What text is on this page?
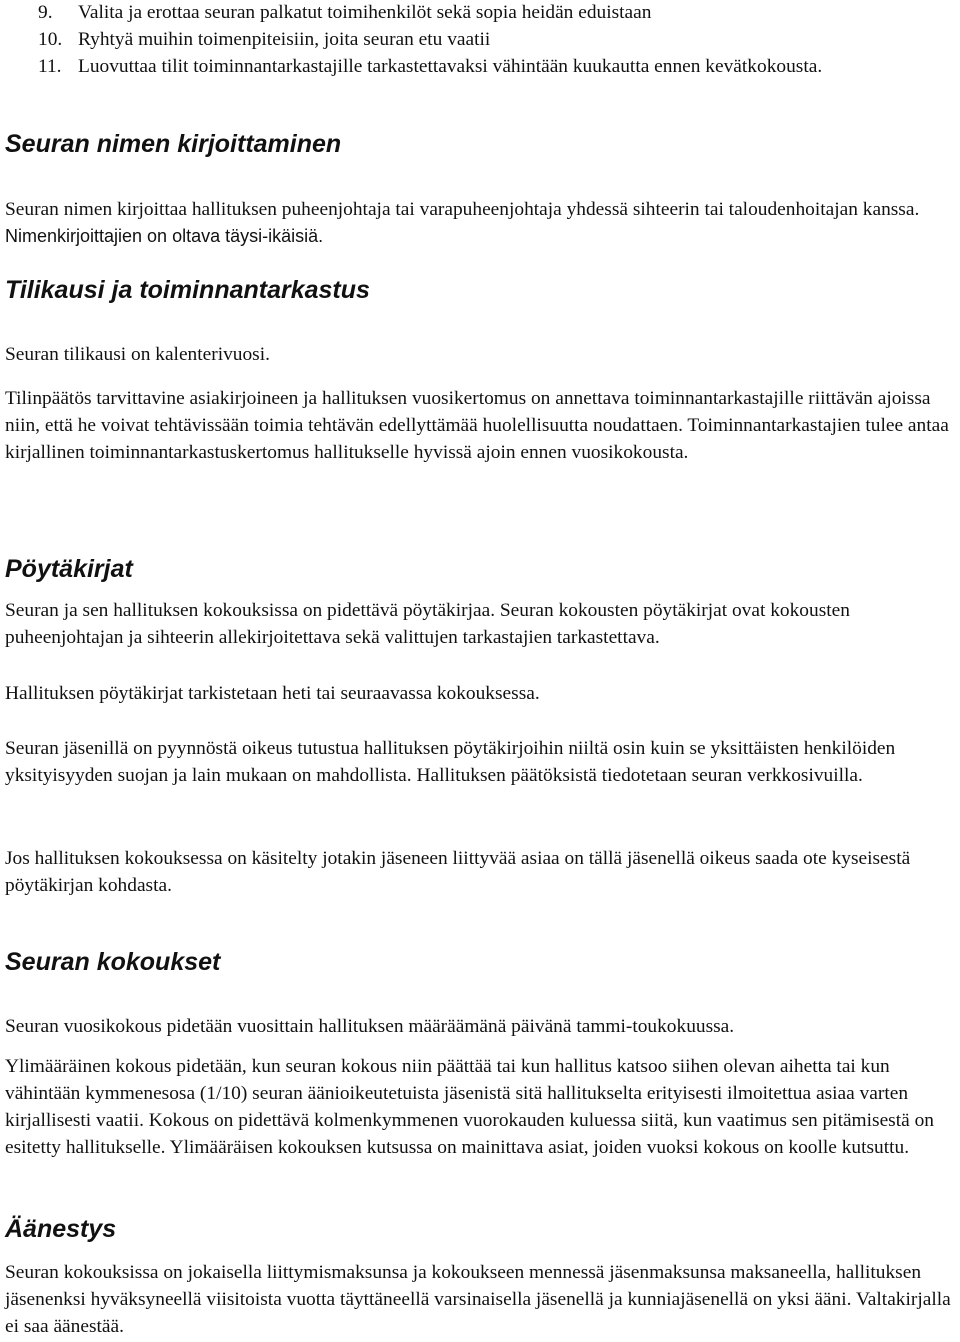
9.	Valita ja erottaa seuran palkatut toimihenkilöt sekä sopia heidän eduistaan
10. Ryhtyä muihin toimenpiteisiin, joita seuran etu vaatii
11. Luovuttaa tilit toiminnantarkastajille tarkastettavaksi vähintään kuukautta ennen kevätkokousta.
Seuran nimen kirjoittaminen

Seuran nimen kirjoittaa hallituksen puheenjohtaja tai varapuheenjohtaja yhdessä sihteerin tai taloudenhoitajan kanssa. Nimenkirjoittajien on oltava täysi-ikäisiä.

Tilikausi ja toiminnantarkastus

Seuran tilikausi on kalenterivuosi.

Tilinpäätös tarvittavine asiakirjoineen ja hallituksen vuosikertomus on annettava toiminnantarkastajille riittävän ajoissa niin, että he voivat tehtävissään toimia tehtävän edellyttämää huolellisuutta noudattaen. Toiminnantarkastajien tulee antaa kirjallinen toiminnantarkastuskertomus hallitukselle hyvissä ajoin ennen vuosikokousta.

Pöytäkirjat

Seuran ja sen hallituksen kokouksissa on pidettävä pöytäkirjaa. Seuran kokousten pöytäkirjat ovat kokousten puheenjohtajan ja sihteerin allekirjoitettava sekä valittujen tarkastajien tarkastettava.

Hallituksen pöytäkirjat tarkistetaan heti tai seuraavassa kokouksessa.

Seuran jäsenillä on pyynnöstä oikeus tutustua hallituksen pöytäkirjoihin niiltä osin kuin se yksittäisten henkilöiden yksityisyyden suojan ja lain mukaan on mahdollista. Hallituksen päätöksistä tiedotetaan seuran verkkosivuilla.

Jos hallituksen kokouksessa on käsitelty jotakin jäseneen liittyvää asiaa on tällä jäsenellä oikeus saada ote kyseisestä pöytäkirjan kohdasta.

Seuran kokoukset

Seuran vuosikokous pidetään vuosittain hallituksen määräämänä päivänä tammi-toukokuussa.

Ylimääräinen kokous pidetään, kun seuran kokous niin päättää tai kun hallitus katsoo siihen olevan aihetta tai kun vähintään kymmenesosa (1/10) seuran äänioikeutetuista jäsenistä sitä hallitukselta erityisesti ilmoitettua asiaa varten kirjallisesti vaatii. Kokous on pidettävä kolmenkymmenen vuorokauden kuluessa siitä, kun vaatimus sen pitämisestä on esitetty hallitukselle. Ylimääräisen kokouksen kutsussa on mainittava asiat, joiden vuoksi kokous on koolle kutsuttu.

Äänestys

Seuran kokouksissa on jokaisella liittymismaksunsa ja kokoukseen mennessä jäsenmaksunsa maksaneella, hallituksen jäsenenksi hyväksyneellä viisitoista vuotta täyttäneellä varsinaisella jäsenellä ja kunniajäsenellä on yksi ääni. Valtakirjalla ei saa äänestää.
